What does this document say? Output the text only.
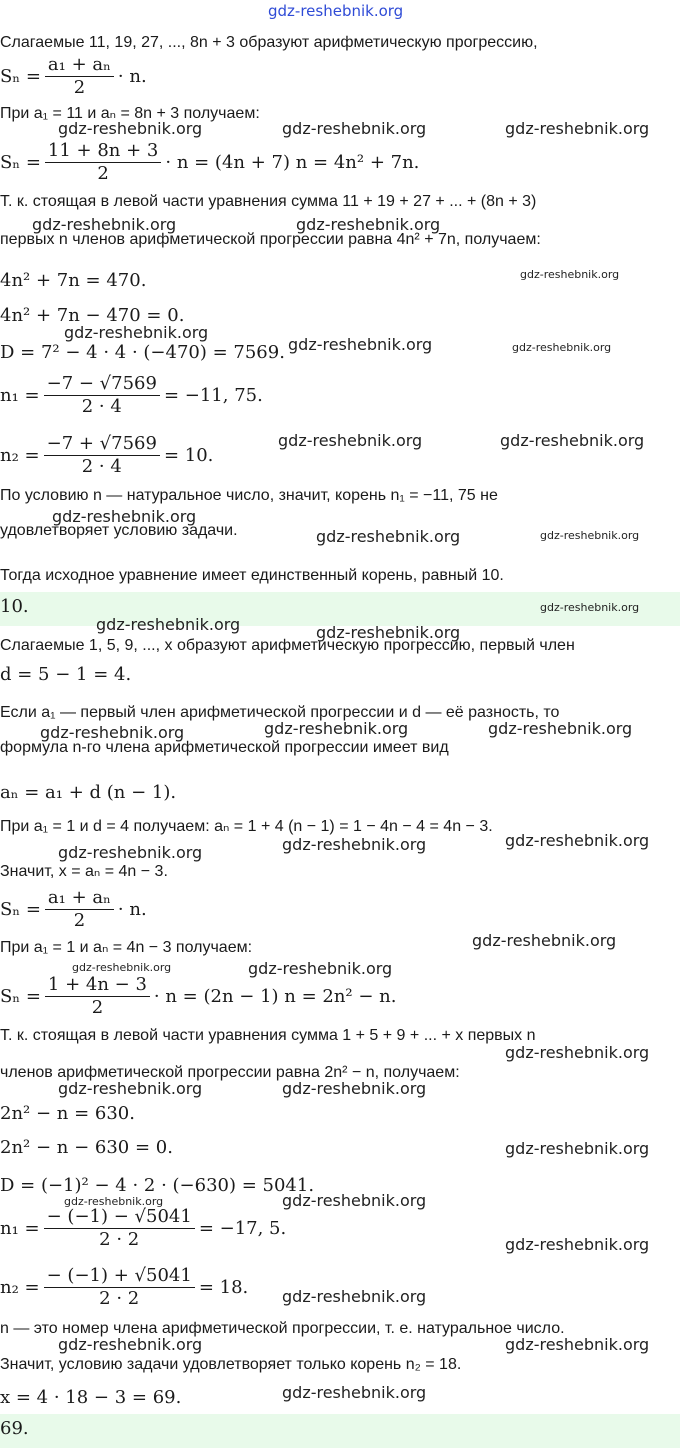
gdz-reshebnik.org
Слагаемые 11, 19, 27, ..., 8n + 3 образуют арифметическую прогрессию,
$S_n = \frac{\text{a₁ + aₙ}}{2} \cdot n$.
При a₁ = 11 и aₙ = 8n + 3 получаем:
$S_n = \frac{11 + 8n + 3}{2} \cdot n = (4n + 7) n = 4n^2 + 7n$.
Т. к. стоящая в левой части уравнения сумма 11 + 19 + 27 + ... + (8n + 3)
первых n членов арифметической прогрессии равна 4n² + 7n, получаем:
4n² + 7n = 470.
4n² + 7n − 470 = 0.
D = 7² − 4 · 4 · (−470) = 7569.
$n_1 = \frac{-7 - √7569}{2 \cdot 4} = -11$, 75.
$n_2 = \frac{-7 + √7569}{2 \cdot 4} = 10$.
По условию n — натуральное число, значит, корень n₁ = −11, 75 не
удовлетворяет условию задачи.
Тогда исходное уравнение имеет единственный корень, равный 10.
10.
Слагаемые 1, 5, 9, ..., x образуют арифметическую прогрессию, первый член
d = 5 − 1 = 4.
Если a₁ — первый член арифметической прогрессии и d — её разность, то
формула n-го члена арифметической прогрессии имеет вид
aₙ = a₁ + d (n − 1).
При a₁ = 1 и d = 4 получаем: aₙ = 1 + 4 (n − 1) = 1 − 4n − 4 = 4n − 3.
Значит, x = aₙ = 4n − 3.
$S_n = \frac{\text{a₁ + aₙ}}{2} \cdot n$.
При a₁ = 1 и aₙ = 4n − 3 получаем:
$S_n = \frac{1 + 4n - 3}{2} \cdot n = (2n - 1) n = 2n^2 - n$.
Т. к. стоящая в левой части уравнения сумма 1 + 5 + 9 + ... + x первых n
членов арифметической прогрессии равна 2n² − n, получаем:
2n² − n = 630.
2n² − n − 630 = 0.
D = (−1)² − 4 · 2 · (−630) = 5041.
$n_1 = \frac{- (-1) - √5041}{2 \cdot 2} = -17$, 5.
$n_2 = \frac{- (-1) + √5041}{2 \cdot 2} = 18$.
n — это номер члена арифметической прогрессии, т. е. натуральное число.
Значит, условию задачи удовлетворяет только корень n₂ = 18.
x = 4 · 18 − 3 = 69.
69.
gdz-reshebnik.org	gdz-reshebnik.org	gdz-reshebnik.org
gdz-reshebnik.org	gdz-reshebnik.org
gdz-reshebnik.org
gdz-reshebnik.org
gdz-reshebnik.org	gdz-reshebnik.org
gdz-reshebnik.org	gdz-reshebnik.org
gdz-reshebnik.org
gdz-reshebnik.org	gdz-reshebnik.org
gdz-reshebnik.org
gdz-reshebnik.org	gdz-reshebnik.org
gdz-reshebnik.org	gdz-reshebnik.org	gdz-reshebnik.org
gdz-reshebnik.org	gdz-reshebnik.org
gdz-reshebnik.org
gdz-reshebnik.org
gdz-reshebnik.org	gdz-reshebnik.org
gdz-reshebnik.org
gdz-reshebnik.org	gdz-reshebnik.org
gdz-reshebnik.org
gdz-reshebnik.org	gdz-reshebnik.org
gdz-reshebnik.org
gdz-reshebnik.org
gdz-reshebnik.org	gdz-reshebnik.org
gdz-reshebnik.org
